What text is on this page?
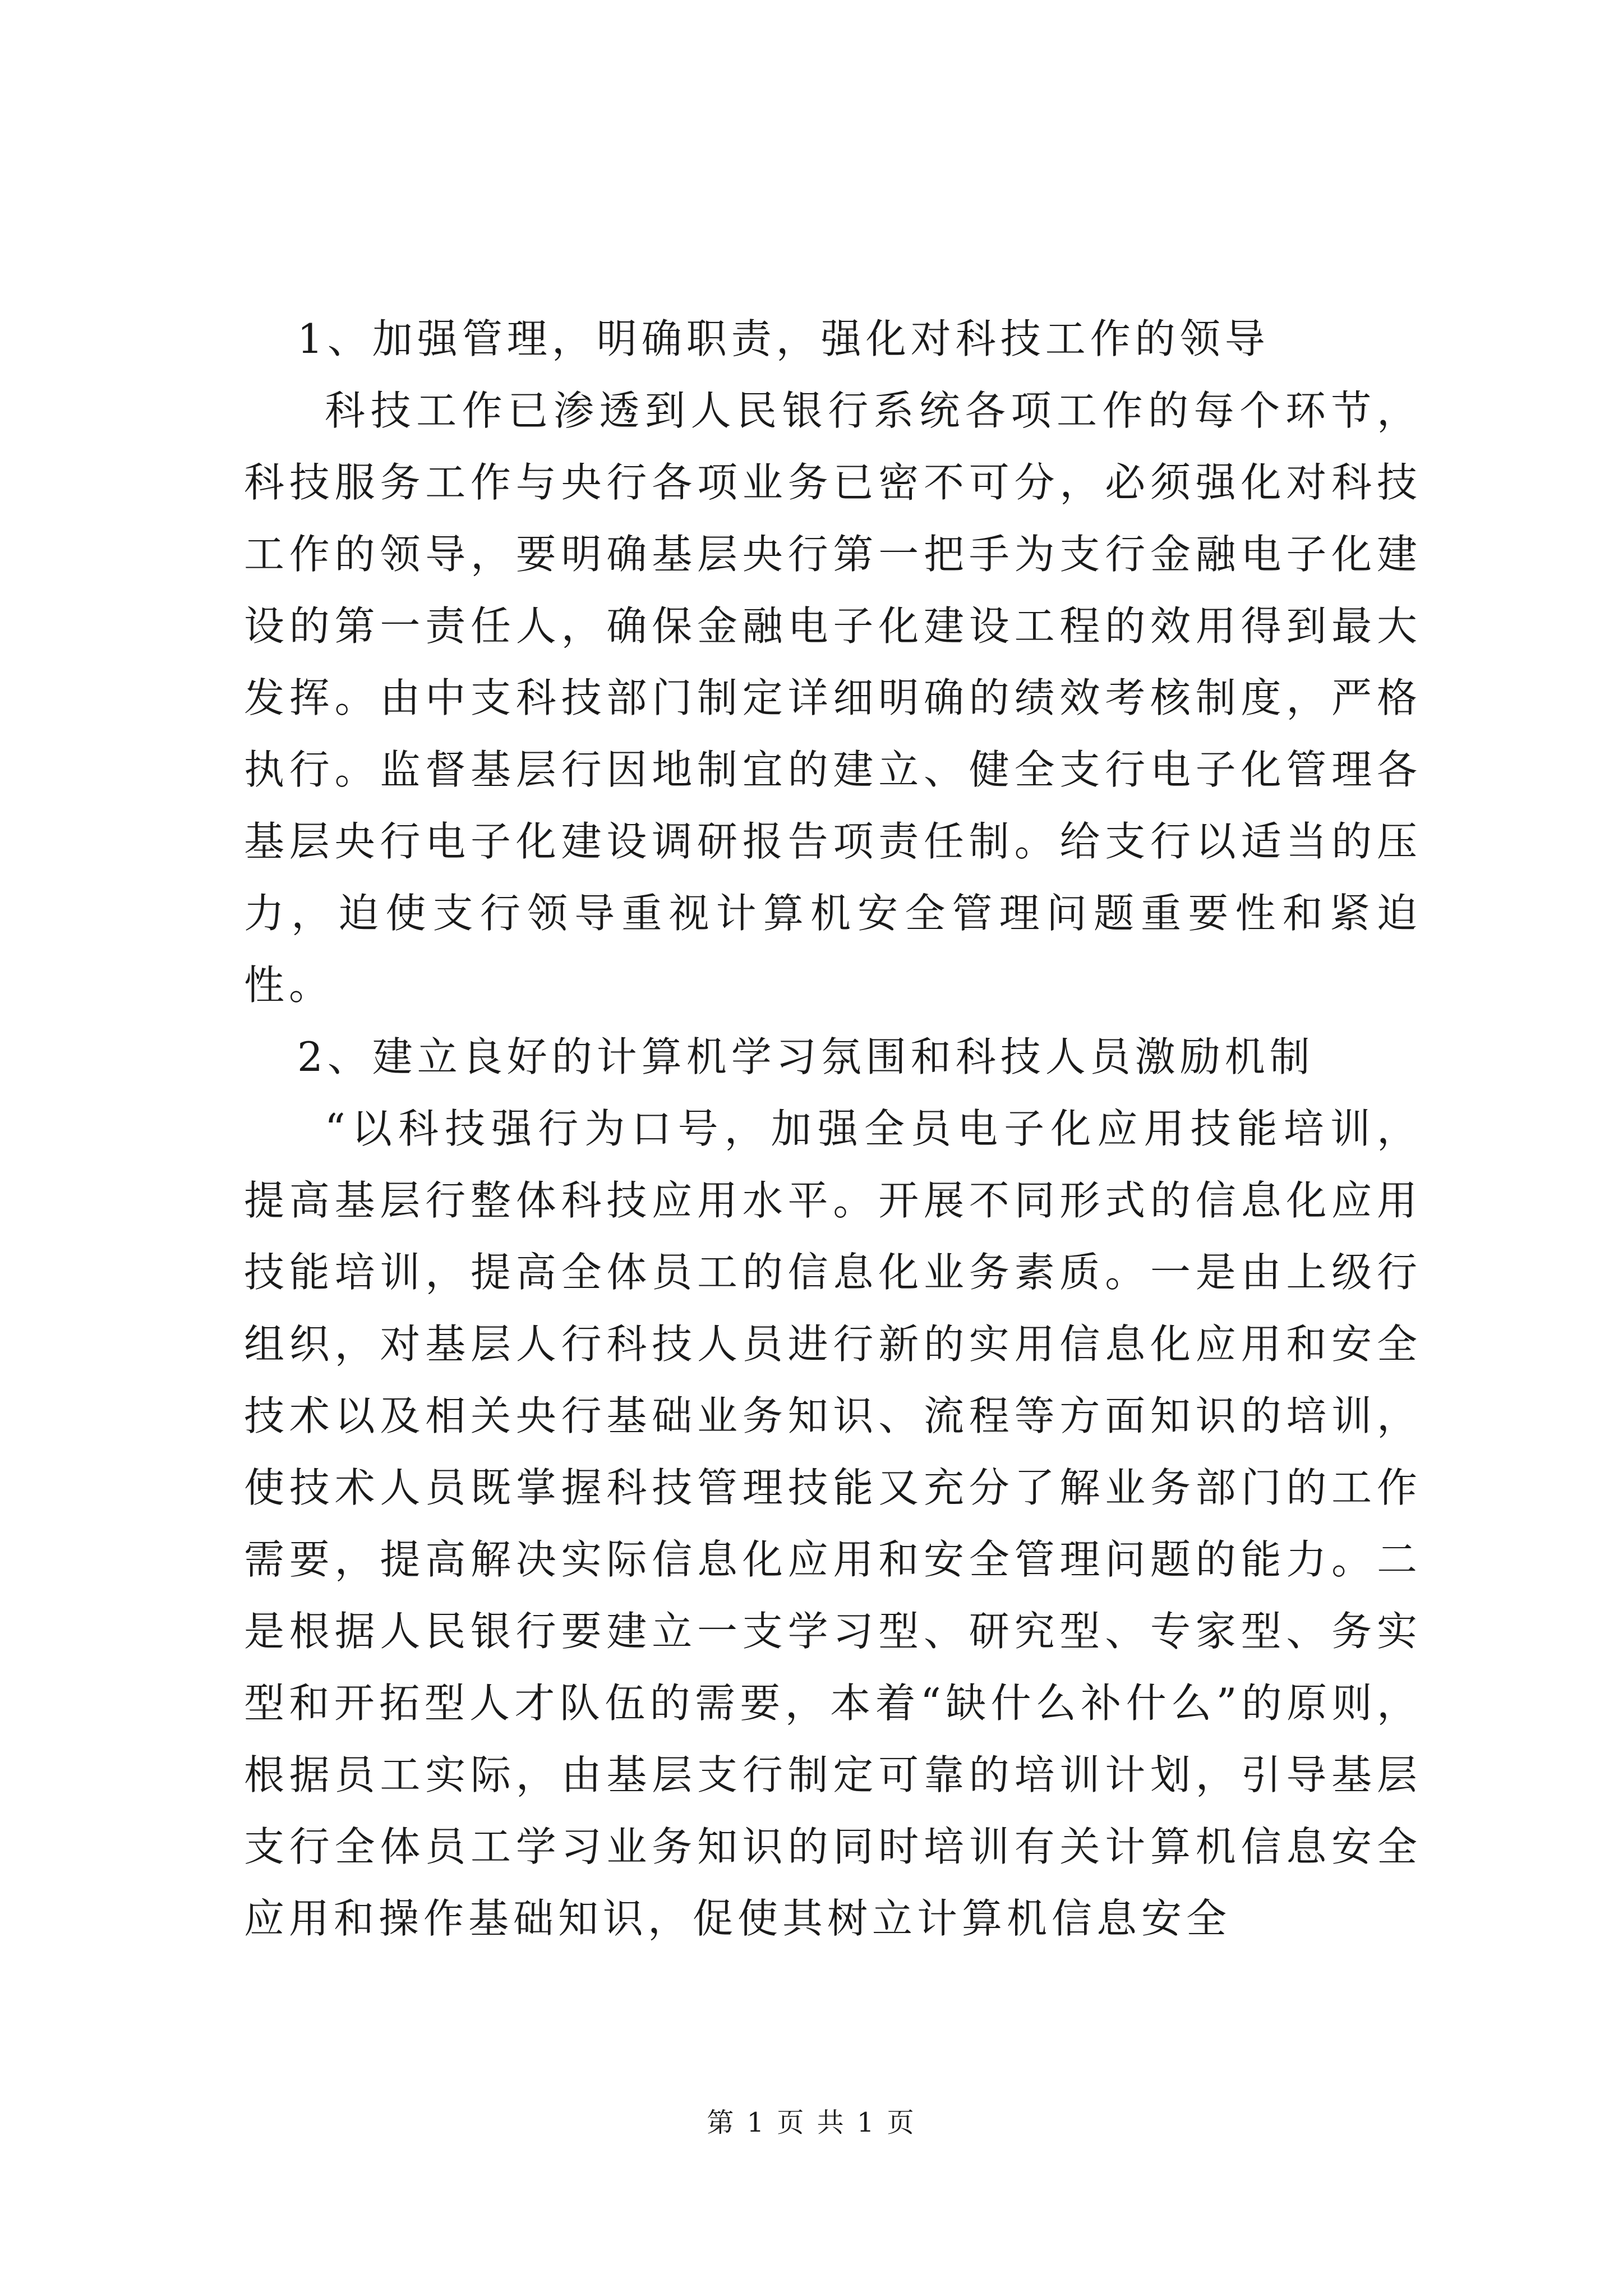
1、加强管理，明确职责，强化对科技工作的领导

科技工作已渗透到人民银行系统各项工作的每个环节，科技服务工作与央行各项业务已密不可分，必须强化对科技工作的领导，要明确基层央行第一把手为支行金融电子化建设的第一责任人，确保金融电子化建设工程的效用得到最大发挥。由中支科技部门制定详细明确的绩效考核制度，严格执行。监督基层行因地制宜的建立、健全支行电子化管理各基层央行电子化建设调研报告项责任制。给支行以适当的压力，迫使支行领导重视计算机安全管理问题重要性和紧迫性。

2、建立良好的计算机学习氛围和科技人员激励机制

“以科技强行为口号，加强全员电子化应用技能培训，提高基层行整体科技应用水平。开展不同形式的信息化应用技能培训，提高全体员工的信息化业务素质。一是由上级行组织，对基层人行科技人员进行新的实用信息化应用和安全技术以及相关央行基础业务知识、流程等方面知识的培训，使技术人员既掌握科技管理技能又充分了解业务部门的工作需要，提高解决实际信息化应用和安全管理问题的能力。二是根据人民银行要建立一支学习型、研究型、专家型、务实型和开拓型人才队伍的需要，本着“缺什么补什么”的原则，根据员工实际，由基层支行制定可靠的培训计划，引导基层支行全体员工学习业务知识的同时培训有关计算机信息安全应用和操作基础知识，促使其树立计算机信息安全

第 1 页 共 1 页
